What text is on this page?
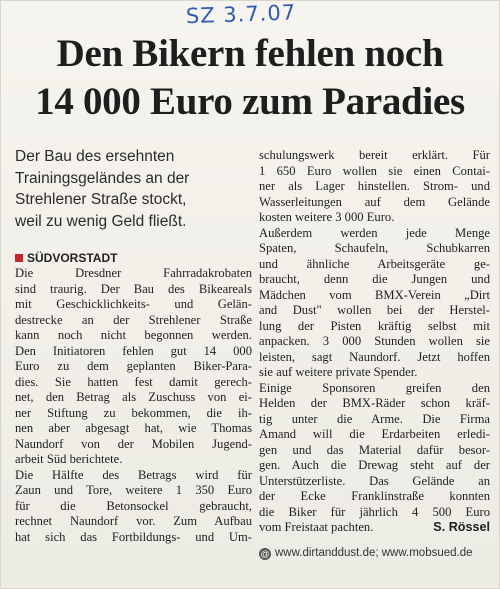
SZ 3.7.07
Den Bikern fehlen noch
14 000 Euro zum Paradies
Der Bau des ersehnten
Trainingsgeländes an der
Strehlener Straße stockt,
weil zu wenig Geld fließt.
SÜDVORSTADT
Die Dresdner Fahrradakrobaten
sind traurig. Der Bau des Bikeareals
mit Geschicklichkeits- und Gelän-
destrecke an der Strehlener Straße
kann noch nicht begonnen werden.
Den Initiatoren fehlen gut 14 000
Euro zu dem geplanten Biker-Para-
dies. Sie hatten fest damit gerech-
net, den Betrag als Zuschuss von ei-
ner Stiftung zu bekommen, die ih-
nen aber abgesagt hat, wie Thomas
Naundorf von der Mobilen Jugend-
arbeit Süd berichtete.
Die Hälfte des Betrags wird für
Zaun und Tore, weitere 1 350 Euro
für die Betonsockel gebraucht,
rechnet Naundorf vor. Zum Aufbau
hat sich das Fortbildungs- und Um-
schulungswerk bereit erklärt. Für
1 650 Euro wollen sie einen Contai-
ner als Lager hinstellen. Strom- und
Wasserleitungen auf dem Gelände
kosten weitere 3 000 Euro.
Außerdem werden jede Menge
Spaten, Schaufeln, Schubkarren
und ähnliche Arbeitsgeräte ge-
braucht, denn die Jungen und
Mädchen vom BMX-Verein „Dirt
and Dust" wollen bei der Herstel-
lung der Pisten kräftig selbst mit
anpacken. 3 000 Stunden wollen sie
leisten, sagt Naundorf. Jetzt hoffen
sie auf weitere private Spender.
Einige Sponsoren greifen den
Helden der BMX-Räder schon kräf-
tig unter die Arme. Die Firma
Amand will die Erdarbeiten erledi-
gen und das Material dafür besor-
gen. Auch die Drewag steht auf der
Unterstützerliste. Das Gelände an
der Ecke Franklinstraße konnten
die Biker für jährlich 4 500 Euro
vom Freistaat pachten.	S. Rössel
@ www.dirtanddust.de; www.mobsued.de
